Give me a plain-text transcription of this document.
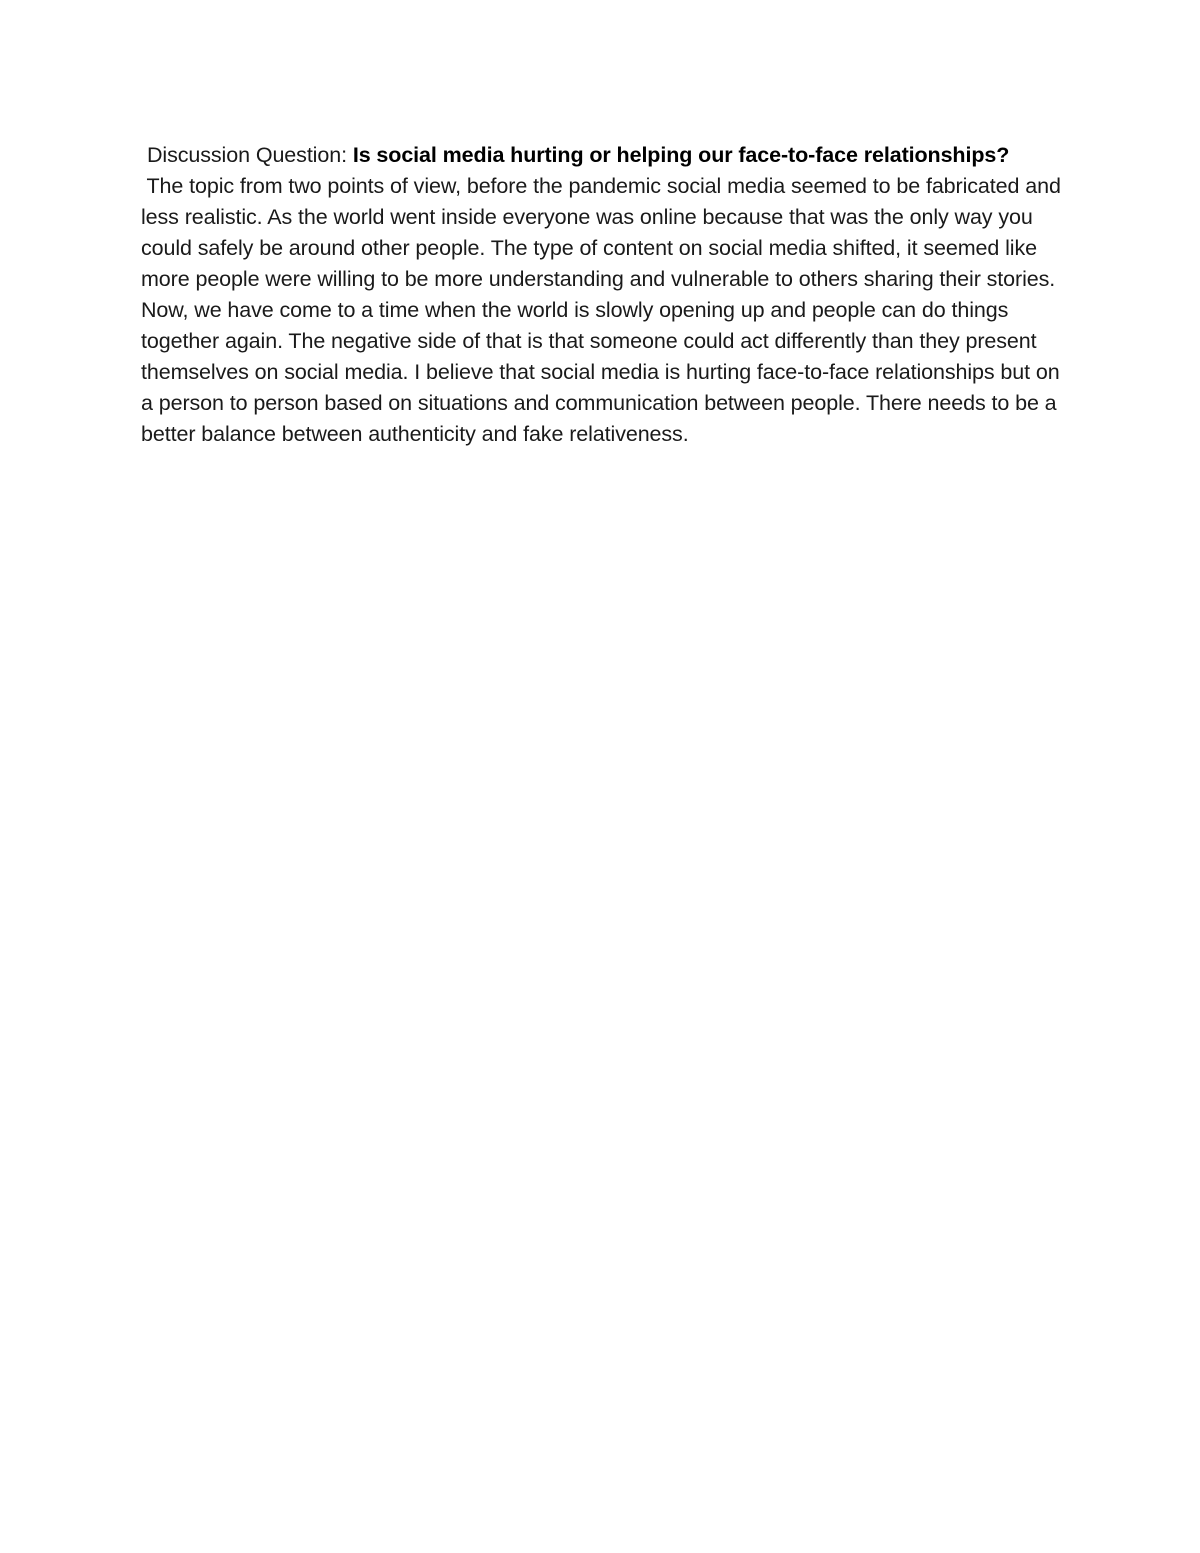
Discussion Question: Is social media hurting or helping our face-to-face relationships?

The topic from two points of view, before the pandemic social media seemed to be fabricated and less realistic. As the world went inside everyone was online because that was the only way you could safely be around other people. The type of content on social media shifted, it seemed like more people were willing to be more understanding and vulnerable to others sharing their stories. Now, we have come to a time when the world is slowly opening up and people can do things together again. The negative side of that is that someone could act differently than they present themselves on social media. I believe that social media is hurting face-to-face relationships but on a person to person based on situations and communication between people. There needs to be a better balance between authenticity and fake relativeness.
